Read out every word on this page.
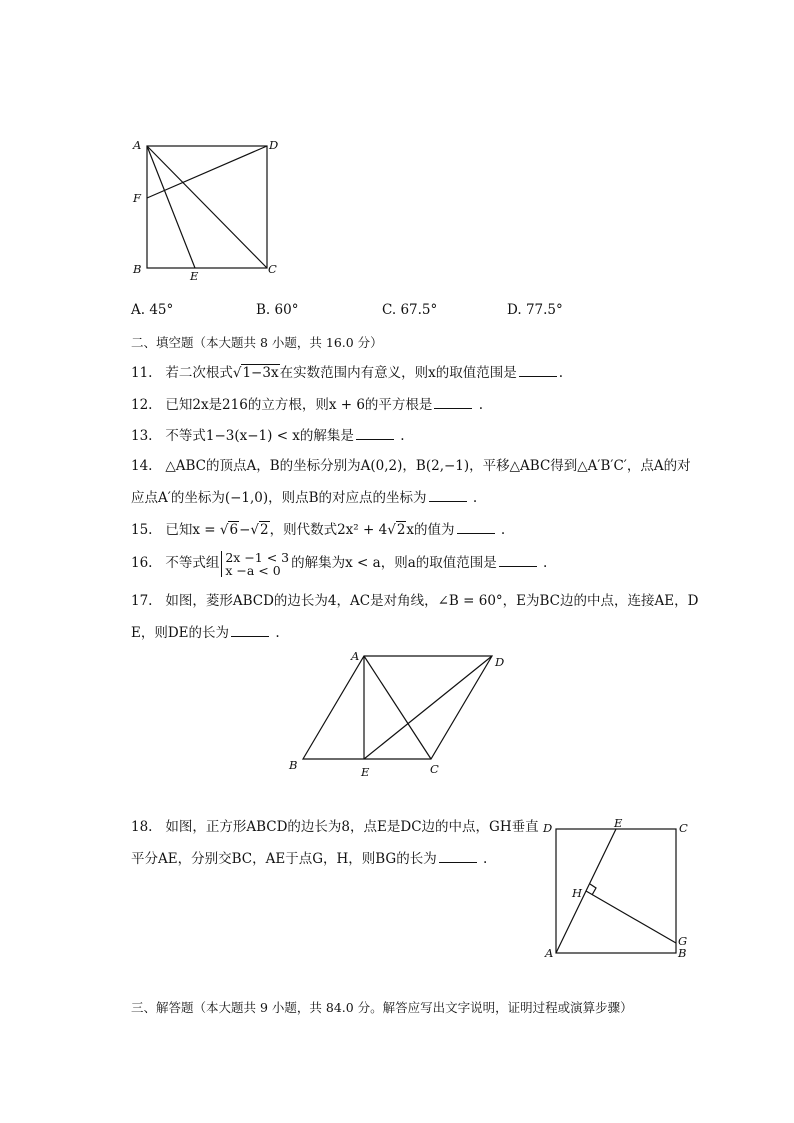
A	D
F
B	E	C
A. 45°	B. 60°	C. 67.5°	D. 77.5°
二、填空题（本大题共 8 小题，共 16.0 分）
11. 若二次根式√1−3x在实数范围内有意义，则x的取值范围是	.
12. 已知2x是216的立方根，则x + 6的平方根是	.
13. 不等式1−3(x−1) < x的解集是	.
14. △ABC的顶点A，B的坐标分别为A(0,2)，B(2,−1)，平移△ABC得到△A′B′C′，点A的对
应点A′的坐标为(−1,0)，则点B的对应点的坐标为	.
15. 已知x = √6−√2，则代数式2x² + 4√2x的值为	.
16. 不等式组 2x −1 < 3
x −a < 0 的解集为x < a，则a的取值范围是	.
17. 如图，菱形ABCD的边长为4，AC是对角线，∠B = 60°，E为BC边的中点，连接AE，D
E，则DE的长为	.
A	D
B	E	C
18. 如图，正方形ABCD的边长为8，点E是DC边的中点，GH垂直
平分AE，分别交BC，AE于点G，H，则BG的长为	.
D	E	C
H
A
G
B
三、解答题（本大题共 9 小题，共 84.0 分。解答应写出文字说明，证明过程或演算步骤）
